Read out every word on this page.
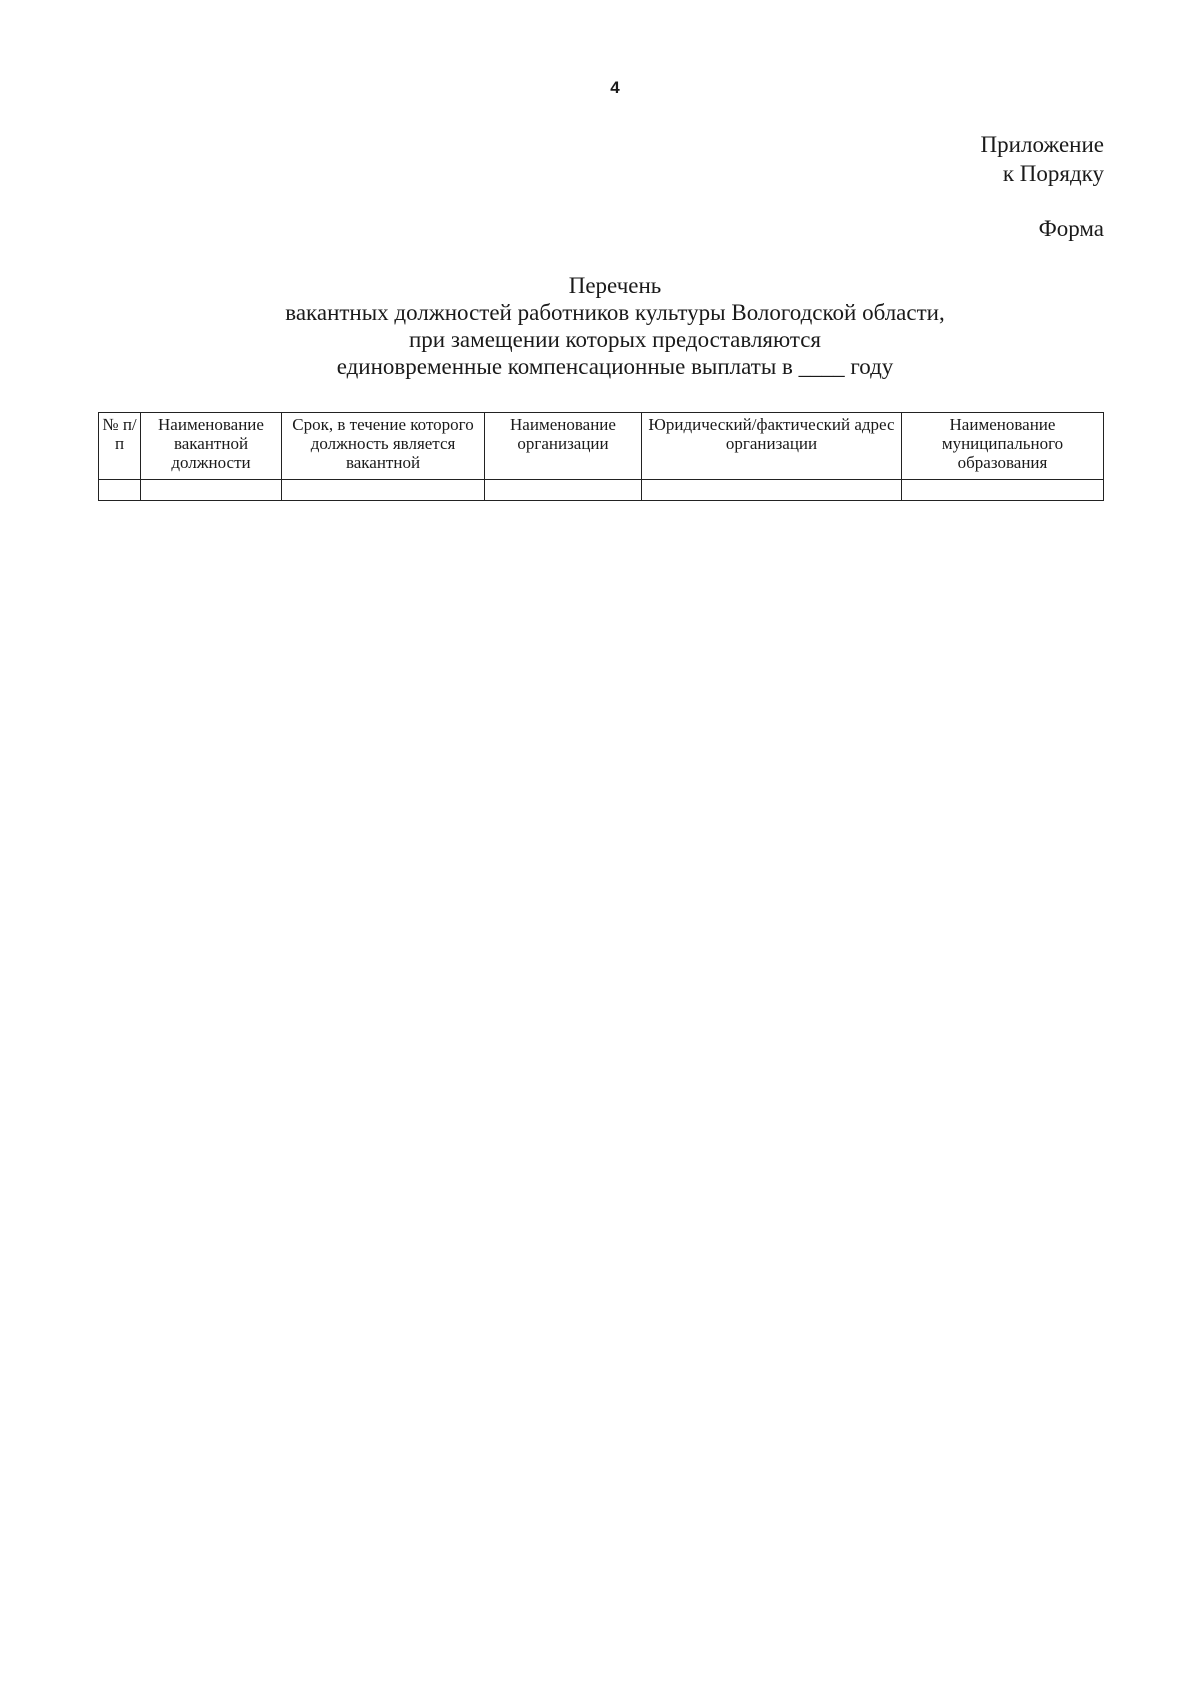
4
Приложение
к Порядку
Форма
Перечень
вакантных должностей работников культуры Вологодской области,
при замещении которых предоставляются
единовременные компенсационные выплаты в ____ году
№ п/п	Наименование вакантной должности	Срок, в течение которого должность является вакантной	Наименование организации	Юридический/фактический адрес организации	Наименование муниципального образования
